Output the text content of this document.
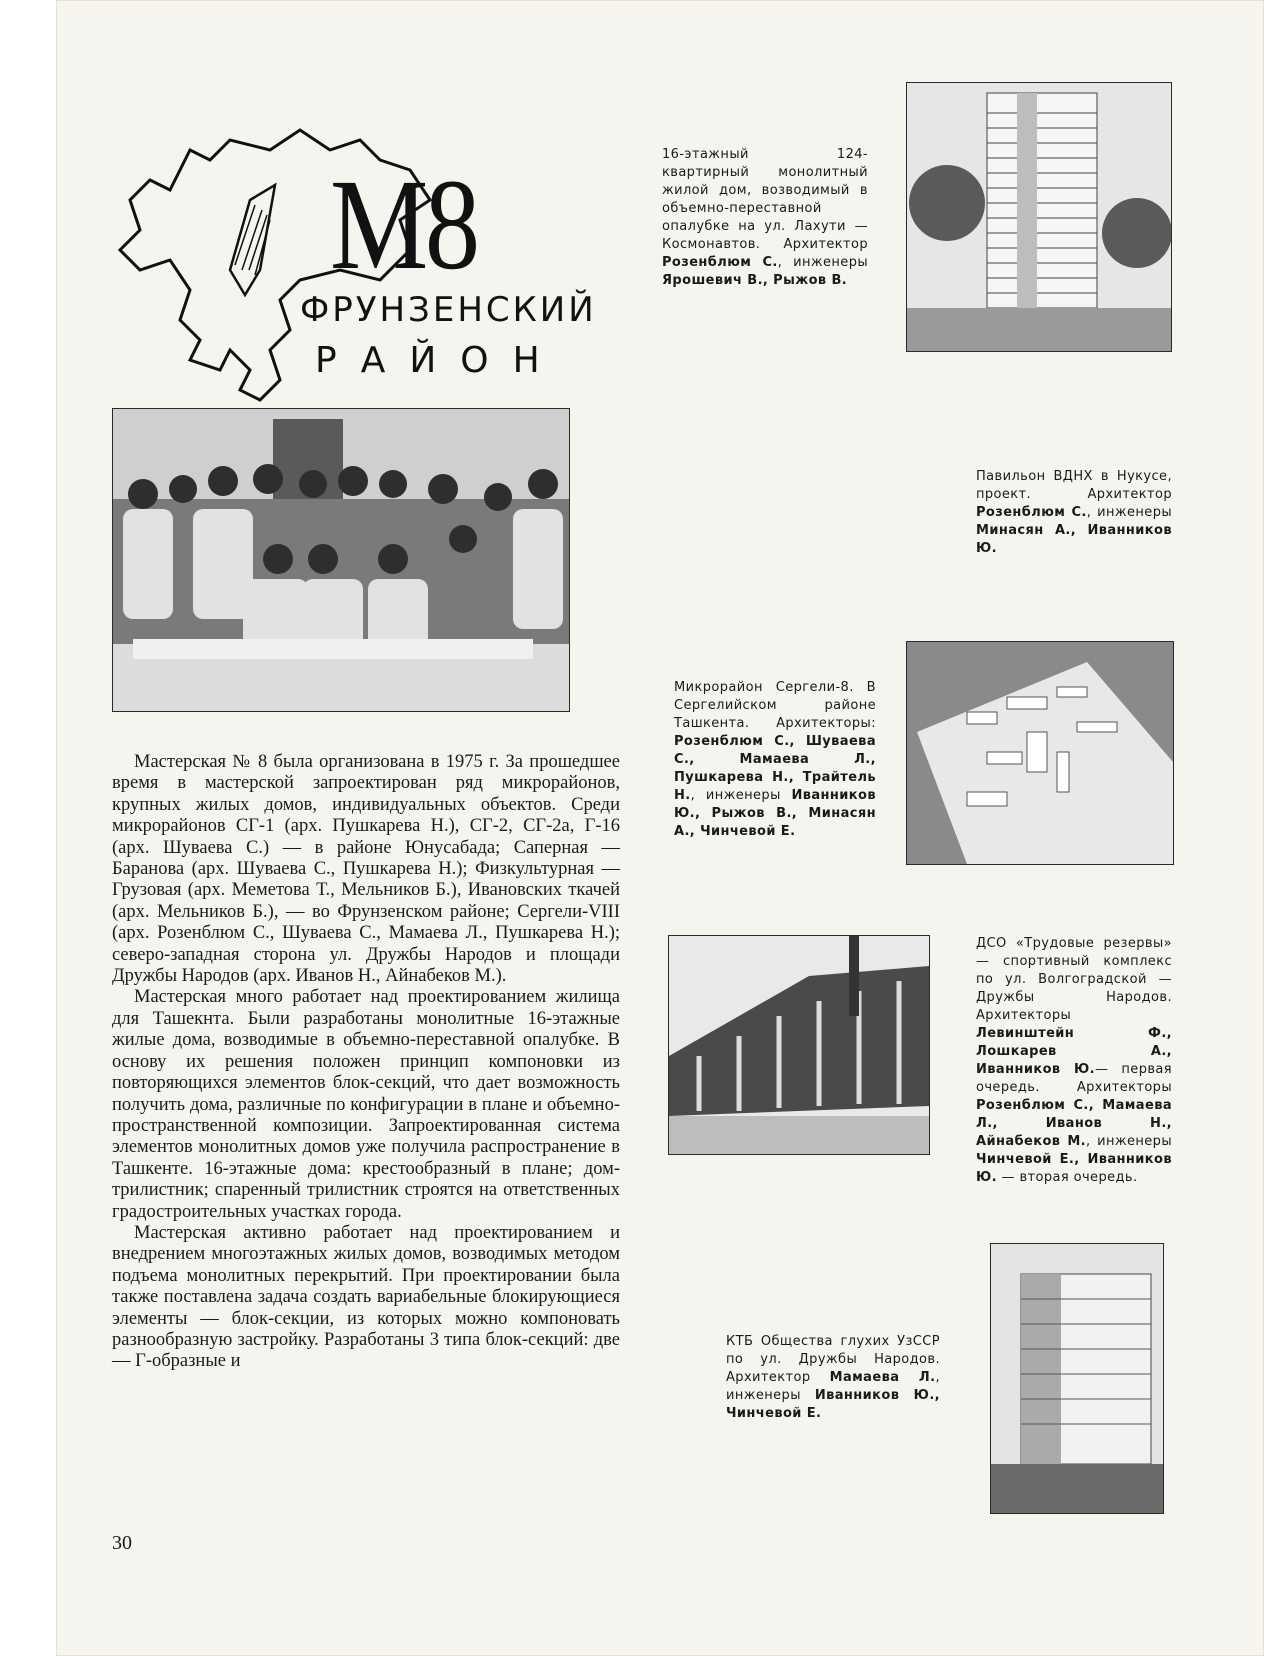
М8
ФРУНЗЕНСКИЙ
РАЙОН
16-этажный 124-квартирный монолитный жилой дом, возводимый в объемно-переставной опалубке на ул. Лахути — Космонавтов. Архитектор Розенблюм С., инженеры Ярошевич В., Рыжов В.
Павильон ВДНХ в Нукусе, проект. Архитектор Розенблюм С., инженеры Минасян А., Иванников Ю.
Микрорайон Сергели-8. В Сергелийском районе Ташкента. Архитекторы: Розенблюм С., Шуваева С., Мамаева Л., Пушкарева Н., Трайтель Н., инженеры Иванников Ю., Рыжов В., Минасян А., Чинчевой Е.
ДСО «Трудовые резервы» — спортивный комплекс по ул. Волгоградской — Дружбы Народов. Архитекторы Левинштейн Ф., Лошкарев А., Иванников Ю.— первая очередь. Архитекторы Розенблюм С., Мамаева Л., Иванов Н., Айнабеков М., инженеры Чинчевой Е., Иванников Ю. — вторая очередь.
КТБ Общества глухих УзССР по ул. Дружбы Народов. Архитектор Мамаева Л., инженеры Иванников Ю., Чинчевой Е.

Мастерская № 8 была организована в 1975 г. За прошедшее время в мастерской запроектирован ряд микрорайонов, крупных жилых домов, индивидуальных объектов. Среди микрорайонов СГ-1 (арх. Пушкарева Н.), СГ-2, СГ-2а, Г-16 (арх. Шуваева С.) — в районе Юнусабада; Саперная — Баранова (арх. Шуваева С., Пушкарева Н.); Физкультурная — Грузовая (арх. Меметова Т., Мельников Б.), Ивановских ткачей (арх. Мельников Б.), — во Фрунзенском районе; Сергели-VIII (арх. Розенблюм С., Шуваева С., Мамаева Л., Пушкарева Н.); северо-западная сторона ул. Дружбы Народов и площади Дружбы Народов (арх. Иванов Н., Айнабеков М.).

Мастерская много работает над проектированием жилища для Ташекнта. Были разработаны монолитные 16-этажные жилые дома, возводимые в объемно-переставной опалубке. В основу их решения положен принцип компоновки из повторяющихся элементов блок-секций, что дает возможность получить дома, различные по конфигурации в плане и объемно-пространственной композиции. Запроектированная система элементов монолитных домов уже получила распространение в Ташкенте. 16-этажные дома: крестообразный в плане; дом-трилистник; спаренный трилистник строятся на ответственных градостроительных участках города.

Мастерская активно работает над проектированием и внедрением многоэтажных жилых домов, возводимых методом подъема монолитных перекрытий. При проектировании была также поставлена задача создать вариабельные блокирующиеся элементы — блок-секции, из которых можно компоновать разнообразную застройку. Разработаны 3 типа блок-секций: две — Г-образные и

30
